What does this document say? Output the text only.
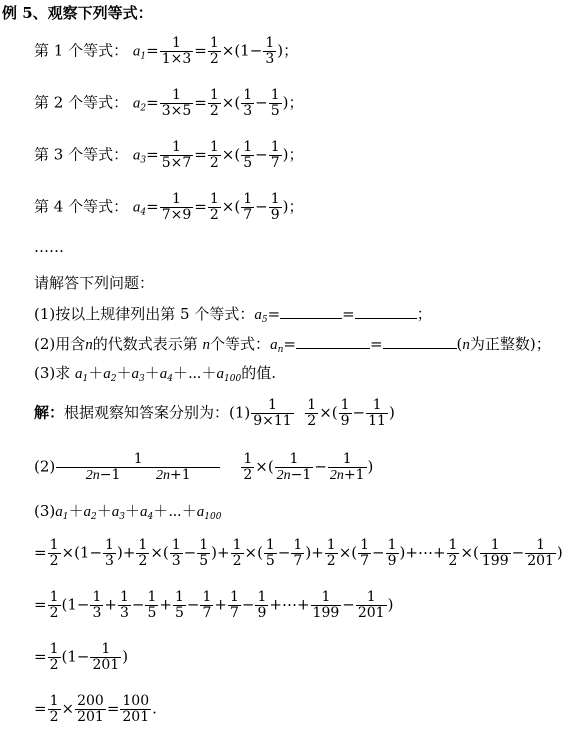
例 5、观察下列等式：
第 1 个等式： $a_1= \frac{1}{1\times 3} = \frac{1}{2} \times(1- \frac{1}{3}$ )；
第 2 个等式： $a_2= \frac{1}{3\times 5} = \frac{1}{2}$ ×( $\frac{1}{3} - \frac{1}{5}$ )；
第 3 个等式： $a_3= \frac{1}{5\times 7} = \frac{1}{2}$ ×( $\frac{1}{5} - \frac{1}{7}$ )；
第 4 个等式： $a_4= \frac{1}{7\times 9} = \frac{1}{2}$ ×( $\frac{1}{7} - \frac{1}{9}$ )；
……
请解答下列问题：
(1)按以上规律列出第 5 个等式：$a_5=$	=	；
(2)用含n的代数式表示第 n个等式：$a_n=$	=	(n为正整数)；
(3)求 $a_1+a_2+a_3+a_4+\cdots+a_{100}$的值.
解：根据观察知答案分别为：$(1) \frac{1}{9\times 11}$
$\frac{1}{2}$ ×( $\frac{1}{9} - \frac{1}{11}$ )
$(2) \frac{1}{2n-1 2n+1}$
$\frac{1}{2}$ ×( $\frac{1}{2n-1} - \frac{1}{2n+1}$ )
$(3)a_1+a_2+a_3+a_4+\cdots+a_{100}$
= $\frac{1}{2} \times(1- \frac{1}{3}$ )+ $\frac{1}{2}$ ×( $\frac{1}{3} - \frac{1}{5}$ )+ $\frac{1}{2}$ ×( $\frac{1}{5} - \frac{1}{7}$ )+ $\frac{1}{2}$ ×( $\frac{1}{7} - \frac{1}{9}$ )+⋯+ $\frac{1}{2}$ ×( $\frac{1}{199} - \frac{1}{201}$ )
= $\frac{1}{2} (1- \frac{1}{3} + \frac{1}{3} - \frac{1}{5} + \frac{1}{5} - \frac{1}{7} + \frac{1}{7} - \frac{1}{9}$ +⋯+ $\frac{1}{199} - \frac{1}{201}$ )
= $\frac{1}{2} (1- \frac{1}{201}$ )
= $\frac{1}{2} \times \frac{200}{201} = \frac{100}{201}$ .
